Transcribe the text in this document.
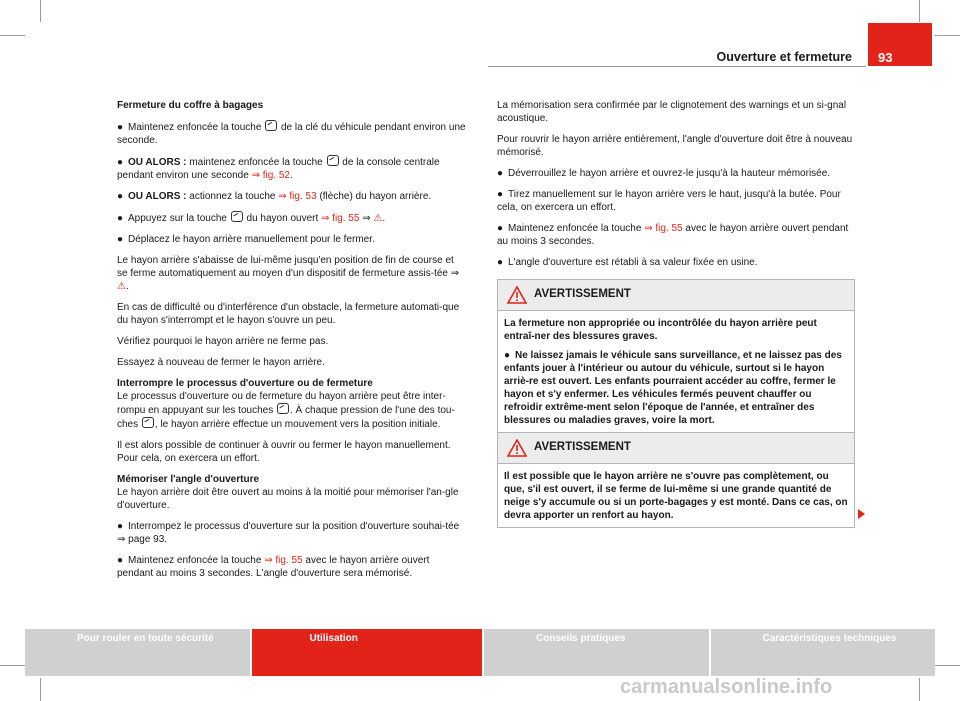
Ouverture et fermeture	93

Fermeture du coffre à bagages

● Maintenez enfoncée la touche de la clé du véhicule pendant environ une seconde.

● OU ALORS : maintenez enfoncée la touche de la console centrale pendant environ une seconde ⇒ fig. 52.

● OU ALORS : actionnez la touche ⇒ fig. 53 (flèche) du hayon arrière.

● Appuyez sur la touche du hayon ouvert ⇒ fig. 55 ⇒ ⚠.

● Déplacez le hayon arrière manuellement pour le fermer.

Le hayon arrière s'abaisse de lui-même jusqu'en position de fin de course et se ferme automatiquement au moyen d'un dispositif de fermeture assis-tée ⇒ ⚠.

En cas de difficulté ou d'interférence d'un obstacle, la fermeture automati-que du hayon s'interrompt et le hayon s'ouvre un peu.

Vérifiez pourquoi le hayon arrière ne ferme pas.

Essayez à nouveau de fermer le hayon arrière.

Interrompre le processus d'ouverture ou de fermeture

Le processus d'ouverture ou de fermeture du hayon arrière peut être inter-rompu en appuyant sur les touches . À chaque pression de l'une des tou-ches , le hayon arrière effectue un mouvement vers la position initiale.

Il est alors possible de continuer à ouvrir ou fermer le hayon manuellement. Pour cela, on exercera un effort.

Mémoriser l'angle d'ouverture

Le hayon arrière doit être ouvert au moins à la moitié pour mémoriser l'an-gle d'ouverture.

● Interrompez le processus d'ouverture sur la position d'ouverture souhai-tée ⇒ page 93.

● Maintenez enfoncée la touche ⇒ fig. 55 avec le hayon arrière ouvert pendant au moins 3 secondes. L'angle d'ouverture sera mémorisé.

La mémorisation sera confirmée par le clignotement des warnings et un si-gnal acoustique.

Pour rouvrir le hayon arrière entièrement, l'angle d'ouverture doit être à nouveau mémorisé.

● Déverrouillez le hayon arrière et ouvrez-le jusqu'à la hauteur mémorisée.

● Tirez manuellement sur le hayon arrière vers le haut, jusqu'à la butée. Pour cela, on exercera un effort.

● Maintenez enfoncée la touche ⇒ fig. 55 avec le hayon arrière ouvert pendant au moins 3 secondes.

● L'angle d'ouverture est rétabli à sa valeur fixée en usine.

AVERTISSEMENT

La fermeture non appropriée ou incontrôlée du hayon arrière peut entraî-ner des blessures graves.

● Ne laissez jamais le véhicule sans surveillance, et ne laissez pas des enfants jouer à l'intérieur ou autour du véhicule, surtout si le hayon arriè-re est ouvert. Les enfants pourraient accéder au coffre, fermer le hayon et s'y enfermer. Les véhicules fermés peuvent chauffer ou refroidir extrême-ment selon l'époque de l'année, et entraîner des blessures ou maladies graves, voire la mort.

AVERTISSEMENT

Il est possible que le hayon arrière ne s'ouvre pas complètement, ou que, s'il est ouvert, il se ferme de lui-même si une grande quantité de neige s'y accumule ou si un porte-bagages y est monté. Dans ce cas, on devra apporter un renfort au hayon.

Pour rouler en toute sécurité	Utilisation	Conseils pratiques	Caractéristiques techniques
carmanualsonline.info
